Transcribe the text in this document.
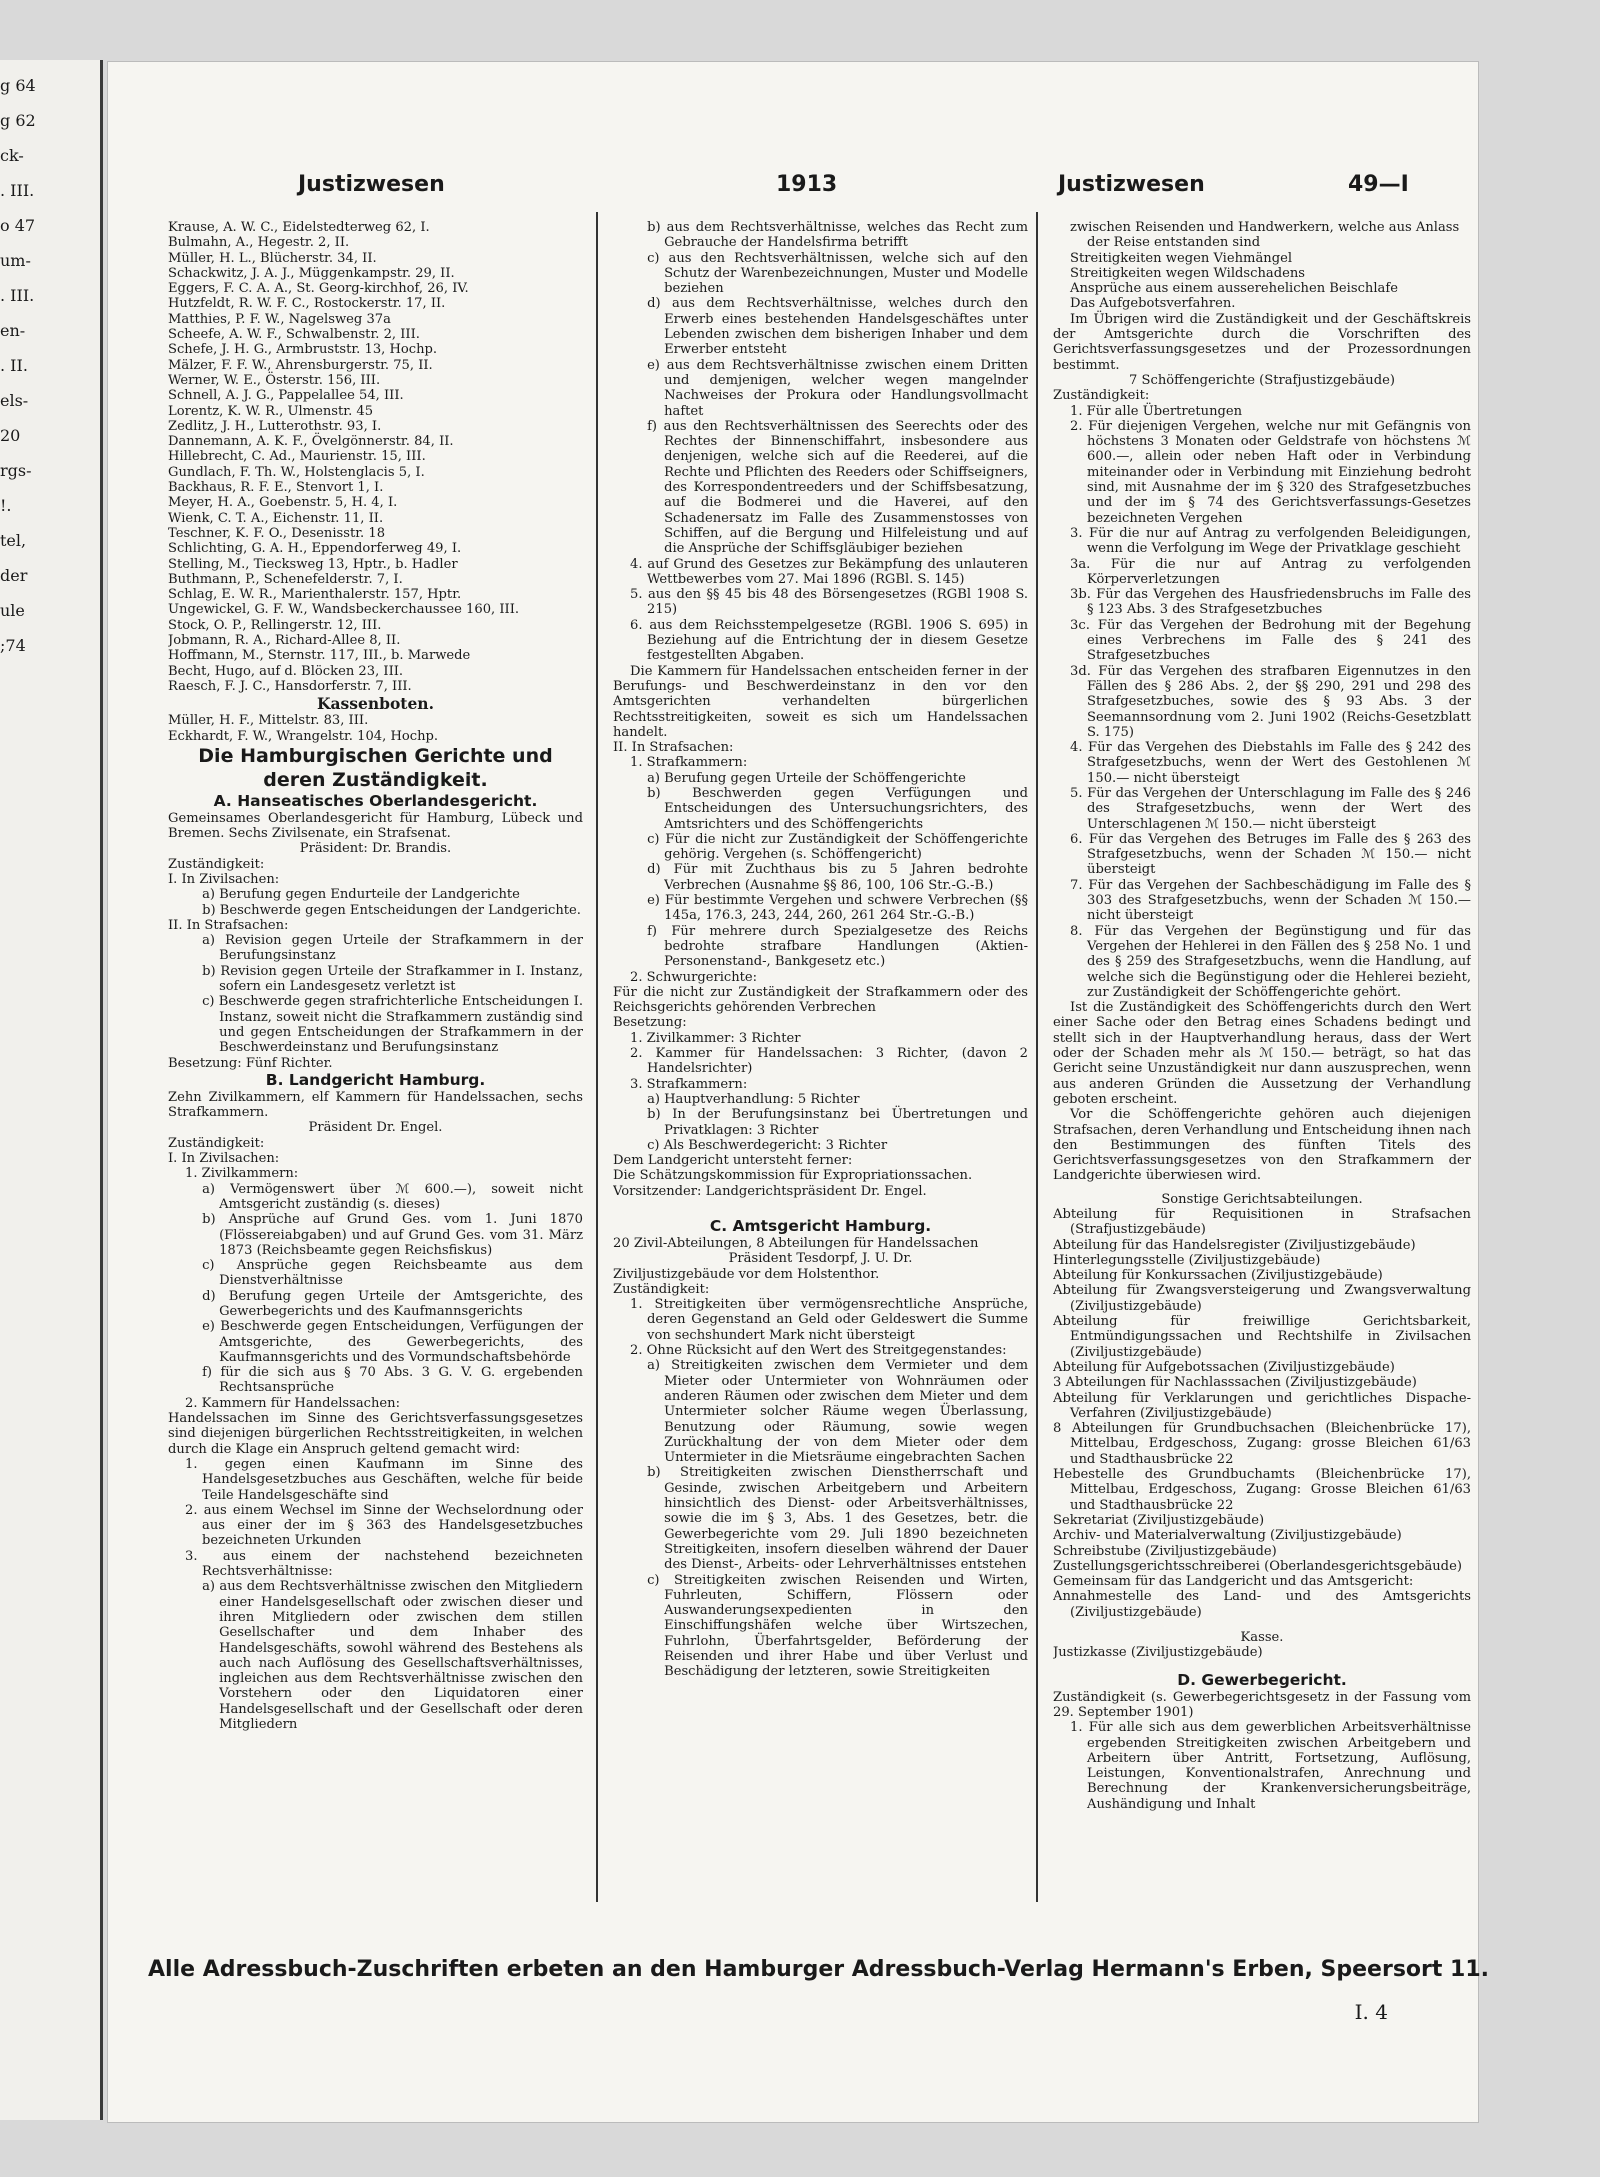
g 64

g 62

ck-

. III.

o 47

um-

. III.

en-

. II.

els-

20

rgs-

!.

tel,

der

ule

;74

Justizwesen	1913	Justizwesen	49—I

Krause, A. W. C., Eidelstedterweg 62, I.

Bulmahn, A., Hegestr. 2, II.

Müller, H. L., Blücherstr. 34, II.

Schackwitz, J. A. J., Müggenkampstr. 29, II.

Eggers, F. C. A. A., St. Georg-kirchhof, 26, IV.

Hutzfeldt, R. W. F. C., Rostockerstr. 17, II.

Matthies, P. F. W., Nagelsweg 37a

Scheefe, A. W. F., Schwalbenstr. 2, III.

Schefe, J. H. G., Armbruststr. 13, Hochp.

Mälzer, F. F. W., Ahrensburgerstr. 75, II.

Werner, W. E., Österstr. 156, III.

Schnell, A. J. G., Pappelallee 54, III.

Lorentz, K. W. R., Ulmenstr. 45

Zedlitz, J. H., Lutterothstr. 93, I.

Dannemann, A. K. F., Övelgönnerstr. 84, II.

Hillebrecht, C. Ad., Maurienstr. 15, III.

Gundlach, F. Th. W., Holstenglacis 5, I.

Backhaus, R. F. E., Stenvort 1, I.

Meyer, H. A., Goebenstr. 5, H. 4, I.

Wienk, C. T. A., Eichenstr. 11, II.

Teschner, K. F. O., Desenisstr. 18

Schlichting, G. A. H., Eppendorferweg 49, I.

Stelling, M., Tiecksweg 13, Hptr., b. Hadler

Buthmann, P., Schenefelderstr. 7, I.

Schlag, E. W. R., Marienthalerstr. 157, Hptr.

Ungewickel, G. F. W., Wandsbeckerchaussee 160, III.

Stock, O. P., Rellingerstr. 12, III.

Jobmann, R. A., Richard-Allee 8, II.

Hoffmann, M., Sternstr. 117, III., b. Marwede

Becht, Hugo, auf d. Blöcken 23, III.

Raesch, F. J. C., Hansdorferstr. 7, III.

Kassenboten.

Müller, H. F., Mittelstr. 83, III.

Eckhardt, F. W., Wrangelstr. 104, Hochp.

Die Hamburgischen Gerichte und deren Zuständigkeit.

A. Hanseatisches Oberlandesgericht.

Gemeinsames Oberlandesgericht für Hamburg, Lübeck und Bremen. Sechs Zivilsenate, ein Strafsenat.

Präsident: Dr. Brandis.

Zuständigkeit:

I. In Zivilsachen:

a) Berufung gegen Endurteile der Landgerichte

b) Beschwerde gegen Entscheidungen der Landgerichte.

II. In Strafsachen:

a) Revision gegen Urteile der Strafkammern in der Berufungsinstanz

b) Revision gegen Urteile der Strafkammer in I. Instanz, sofern ein Landesgesetz verletzt ist

c) Beschwerde gegen strafrichterliche Entscheidungen I. Instanz, soweit nicht die Strafkammern zuständig sind und gegen Entscheidungen der Strafkammern in der Beschwerdeinstanz und Berufungsinstanz

Besetzung: Fünf Richter.

B. Landgericht Hamburg.

Zehn Zivilkammern, elf Kammern für Handelssachen, sechs Strafkammern.

Präsident Dr. Engel.

Zuständigkeit:

I. In Zivilsachen:

1. Zivilkammern:

a) Vermögenswert über ℳ 600.—), soweit nicht Amtsgericht zuständig (s. dieses)

b) Ansprüche auf Grund Ges. vom 1. Juni 1870 (Flössereiabgaben) und auf Grund Ges. vom 31. März 1873 (Reichsbeamte gegen Reichsfiskus)

c) Ansprüche gegen Reichsbeamte aus dem Dienstverhältnisse

d) Berufung gegen Urteile der Amtsgerichte, des Gewerbegerichts und des Kaufmannsgerichts

e) Beschwerde gegen Entscheidungen, Verfügungen der Amtsgerichte, des Gewerbegerichts, des Kaufmannsgerichts und des Vormundschaftsbehörde

f) für die sich aus § 70 Abs. 3 G. V. G. ergebenden Rechtsansprüche

2. Kammern für Handelssachen:

Handelssachen im Sinne des Gerichtsverfassungsgesetzes sind diejenigen bürgerlichen Rechtsstreitigkeiten, in welchen durch die Klage ein Anspruch geltend gemacht wird:

1. gegen einen Kaufmann im Sinne des Handelsgesetzbuches aus Geschäften, welche für beide Teile Handelsgeschäfte sind

2. aus einem Wechsel im Sinne der Wechselordnung oder aus einer der im § 363 des Handelsgesetzbuches bezeichneten Urkunden

3. aus einem der nachstehend bezeichneten Rechtsverhältnisse:

a) aus dem Rechtsverhältnisse zwischen den Mitgliedern einer Handelsgesellschaft oder zwischen dieser und ihren Mitgliedern oder zwischen dem stillen Gesellschafter und dem Inhaber des Handelsgeschäfts, sowohl während des Bestehens als auch nach Auflösung des Gesellschaftsverhältnisses, ingleichen aus dem Rechtsverhältnisse zwischen den Vorstehern oder den Liquidatoren einer Handelsgesellschaft und der Gesellschaft oder deren Mitgliedern

b) aus dem Rechtsverhältnisse, welches das Recht zum Gebrauche der Handelsfirma betrifft

c) aus den Rechtsverhältnissen, welche sich auf den Schutz der Warenbezeichnungen, Muster und Modelle beziehen

d) aus dem Rechtsverhältnisse, welches durch den Erwerb eines bestehenden Handelsgeschäftes unter Lebenden zwischen dem bisherigen Inhaber und dem Erwerber entsteht

e) aus dem Rechtsverhältnisse zwischen einem Dritten und demjenigen, welcher wegen mangelnder Nachweises der Prokura oder Handlungsvollmacht haftet

f) aus den Rechtsverhältnissen des Seerechts oder des Rechtes der Binnenschiffahrt, insbesondere aus denjenigen, welche sich auf die Reederei, auf die Rechte und Pflichten des Reeders oder Schiffseigners, des Korrespondentreeders und der Schiffsbesatzung, auf die Bodmerei und die Haverei, auf den Schadenersatz im Falle des Zusammenstosses von Schiffen, auf die Bergung und Hilfeleistung und auf die Ansprüche der Schiffsgläubiger beziehen

4. auf Grund des Gesetzes zur Bekämpfung des unlauteren Wettbewerbes vom 27. Mai 1896 (RGBl. S. 145)

5. aus den §§ 45 bis 48 des Börsengesetzes (RGBl 1908 S. 215)

6. aus dem Reichsstempelgesetze (RGBl. 1906 S. 695) in Beziehung auf die Entrichtung der in diesem Gesetze festgestellten Abgaben.

Die Kammern für Handelssachen entscheiden ferner in der Berufungs- und Beschwerdeinstanz in den vor den Amtsgerichten verhandelten bürgerlichen Rechtsstreitigkeiten, soweit es sich um Handelssachen handelt.

II. In Strafsachen:

1. Strafkammern:

a) Berufung gegen Urteile der Schöffengerichte

b) Beschwerden gegen Verfügungen und Entscheidungen des Untersuchungsrichters, des Amtsrichters und des Schöffengerichts

c) Für die nicht zur Zuständigkeit der Schöffengerichte gehörig. Vergehen (s. Schöffengericht)

d) Für mit Zuchthaus bis zu 5 Jahren bedrohte Verbrechen (Ausnahme §§ 86, 100, 106 Str.-G.-B.)

e) Für bestimmte Vergehen und schwere Verbrechen (§§ 145a, 176.3, 243, 244, 260, 261 264 Str.-G.-B.)

f) Für mehrere durch Spezialgesetze des Reichs bedrohte strafbare Handlungen (Aktien-Personenstand-, Bankgesetz etc.)

2. Schwurgerichte:

Für die nicht zur Zuständigkeit der Strafkammern oder des Reichsgerichts gehörenden Verbrechen

Besetzung:

1. Zivilkammer: 3 Richter

2. Kammer für Handelssachen: 3 Richter, (davon 2 Handelsrichter)

3. Strafkammern:

a) Hauptverhandlung: 5 Richter

b) In der Berufungsinstanz bei Übertretungen und Privatklagen: 3 Richter

c) Als Beschwerdegericht: 3 Richter

Dem Landgericht untersteht ferner:

Die Schätzungskommission für Expropriationssachen.

Vorsitzender: Landgerichtspräsident Dr. Engel.

C. Amtsgericht Hamburg.

20 Zivil-Abteilungen, 8 Abteilungen für Handelssachen

Präsident Tesdorpf, J. U. Dr.

Ziviljustizgebäude vor dem Holstenthor.

Zuständigkeit:

1. Streitigkeiten über vermögensrechtliche Ansprüche, deren Gegenstand an Geld oder Geldeswert die Summe von sechshundert Mark nicht übersteigt

2. Ohne Rücksicht auf den Wert des Streitgegenstandes:

a) Streitigkeiten zwischen dem Vermieter und dem Mieter oder Untermieter von Wohnräumen oder anderen Räumen oder zwischen dem Mieter und dem Untermieter solcher Räume wegen Überlassung, Benutzung oder Räumung, sowie wegen Zurückhaltung der von dem Mieter oder dem Untermieter in die Mietsräume eingebrachten Sachen

b) Streitigkeiten zwischen Dienstherrschaft und Gesinde, zwischen Arbeitgebern und Arbeitern hinsichtlich des Dienst- oder Arbeitsverhältnisses, sowie die im § 3, Abs. 1 des Gesetzes, betr. die Gewerbegerichte vom 29. Juli 1890 bezeichneten Streitigkeiten, insofern dieselben während der Dauer des Dienst-, Arbeits- oder Lehrverhältnisses entstehen

c) Streitigkeiten zwischen Reisenden und Wirten, Fuhrleuten, Schiffern, Flössern oder Auswanderungsexpedienten in den Einschiffungshäfen welche über Wirtszechen, Fuhrlohn, Überfahrtsgelder, Beförderung der Reisenden und ihrer Habe und über Verlust und Beschädigung der letzteren, sowie Streitigkeiten

zwischen Reisenden und Handwerkern, welche aus Anlass der Reise entstanden sind

Streitigkeiten wegen Viehmängel

Streitigkeiten wegen Wildschadens

Ansprüche aus einem ausserehelichen Beischlafe

Das Aufgebotsverfahren.

Im Übrigen wird die Zuständigkeit und der Geschäftskreis der Amtsgerichte durch die Vorschriften des Gerichtsverfassungsgesetzes und der Prozessordnungen bestimmt.

7 Schöffengerichte (Strafjustizgebäude)

Zuständigkeit:

1. Für alle Übertretungen

2. Für diejenigen Vergehen, welche nur mit Gefängnis von höchstens 3 Monaten oder Geldstrafe von höchstens ℳ 600.—, allein oder neben Haft oder in Verbindung miteinander oder in Verbindung mit Einziehung bedroht sind, mit Ausnahme der im § 320 des Strafgesetzbuches und der im § 74 des Gerichtsverfassungs-Gesetzes bezeichneten Vergehen

3. Für die nur auf Antrag zu verfolgenden Beleidigungen, wenn die Verfolgung im Wege der Privatklage geschieht

3a. Für die nur auf Antrag zu verfolgenden Körperverletzungen

3b. Für das Vergehen des Hausfriedensbruchs im Falle des § 123 Abs. 3 des Strafgesetzbuches

3c. Für das Vergehen der Bedrohung mit der Begehung eines Verbrechens im Falle des § 241 des Strafgesetzbuches

3d. Für das Vergehen des strafbaren Eigennutzes in den Fällen des § 286 Abs. 2, der §§ 290, 291 und 298 des Strafgesetzbuches, sowie des § 93 Abs. 3 der Seemannsordnung vom 2. Juni 1902 (Reichs-Gesetzblatt S. 175)

4. Für das Vergehen des Diebstahls im Falle des § 242 des Strafgesetzbuchs, wenn der Wert des Gestohlenen ℳ 150.— nicht übersteigt

5. Für das Vergehen der Unterschlagung im Falle des § 246 des Strafgesetzbuchs, wenn der Wert des Unterschlagenen ℳ 150.— nicht übersteigt

6. Für das Vergehen des Betruges im Falle des § 263 des Strafgesetzbuchs, wenn der Schaden ℳ 150.— nicht übersteigt

7. Für das Vergehen der Sachbeschädigung im Falle des § 303 des Strafgesetzbuchs, wenn der Schaden ℳ 150.— nicht übersteigt

8. Für das Vergehen der Begünstigung und für das Vergehen der Hehlerei in den Fällen des § 258 No. 1 und des § 259 des Strafgesetzbuchs, wenn die Handlung, auf welche sich die Begünstigung oder die Hehlerei bezieht, zur Zuständigkeit der Schöffengerichte gehört.

Ist die Zuständigkeit des Schöffengerichts durch den Wert einer Sache oder den Betrag eines Schadens bedingt und stellt sich in der Hauptverhandlung heraus, dass der Wert oder der Schaden mehr als ℳ 150.— beträgt, so hat das Gericht seine Unzuständigkeit nur dann auszusprechen, wenn aus anderen Gründen die Aussetzung der Verhandlung geboten erscheint.

Vor die Schöffengerichte gehören auch diejenigen Strafsachen, deren Verhandlung und Entscheidung ihnen nach den Bestimmungen des fünften Titels des Gerichtsverfassungsgesetzes von den Strafkammern der Landgerichte überwiesen wird.

Sonstige Gerichtsabteilungen.

Abteilung für Requisitionen in Strafsachen (Strafjustizgebäude)

Abteilung für das Handelsregister (Ziviljustizgebäude)

Hinterlegungsstelle (Ziviljustizgebäude)

Abteilung für Konkurssachen (Ziviljustizgebäude)

Abteilung für Zwangsversteigerung und Zwangsverwaltung (Ziviljustizgebäude)

Abteilung für freiwillige Gerichtsbarkeit, Entmündigungssachen und Rechtshilfe in Zivilsachen (Ziviljustizgebäude)

Abteilung für Aufgebotssachen (Ziviljustizgebäude)

3 Abteilungen für Nachlasssachen (Ziviljustizgebäude)

Abteilung für Verklarungen und gerichtliches Dispache-Verfahren (Ziviljustizgebäude)

8 Abteilungen für Grundbuchsachen (Bleichenbrücke 17), Mittelbau, Erdgeschoss, Zugang: grosse Bleichen 61/63 und Stadthausbrücke 22

Hebestelle des Grundbuchamts (Bleichenbrücke 17), Mittelbau, Erdgeschoss, Zugang: Grosse Bleichen 61/63 und Stadthausbrücke 22

Sekretariat (Ziviljustizgebäude)

Archiv- und Materialverwaltung (Ziviljustizgebäude)

Schreibstube (Ziviljustizgebäude)

Zustellungsgerichtsschreiberei (Oberlandesgerichtsgebäude)

Gemeinsam für das Landgericht und das Amtsgericht:

Annahmestelle des Land- und des Amtsgerichts (Ziviljustizgebäude)

Kasse.

Justizkasse (Ziviljustizgebäude)

D. Gewerbegericht.

Zuständigkeit (s. Gewerbegerichtsgesetz in der Fassung vom 29. September 1901)

1. Für alle sich aus dem gewerblichen Arbeitsverhältnisse ergebenden Streitigkeiten zwischen Arbeitgebern und Arbeitern über Antritt, Fortsetzung, Auflösung, Leistungen, Konventionalstrafen, Anrechnung und Berechnung der Krankenversicherungsbeiträge, Aushändigung und Inhalt

Alle Adressbuch-Zuschriften erbeten an den Hamburger Adressbuch-Verlag Hermann's Erben, Speersort 11.
I. 4
